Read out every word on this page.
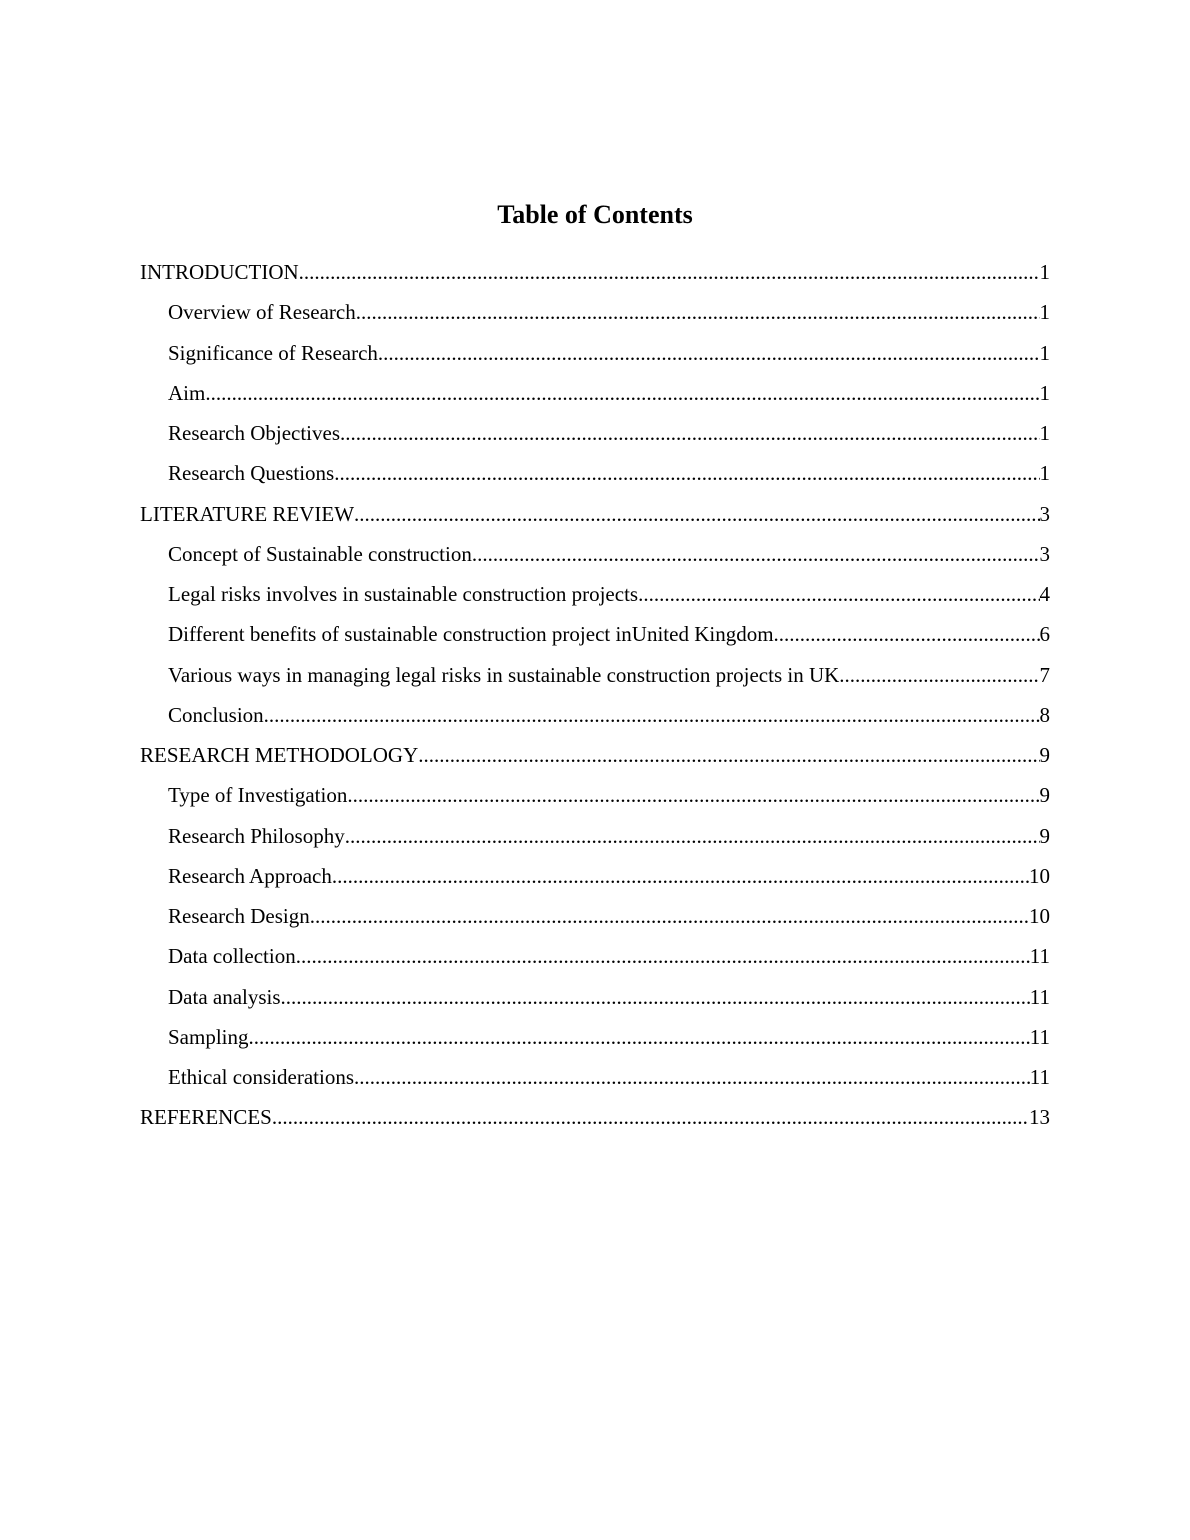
Table of Contents
INTRODUCTION .....	1
Overview of Research .....	1
Significance of Research .....	1
Aim .....	1
Research Objectives .....	1
Research Questions .....	1
LITERATURE REVIEW .....	3
Concept of Sustainable construction .....	3
Legal risks involves in sustainable construction projects .....	4
Different benefits of sustainable construction project inUnited Kingdom .....	6
Various ways in managing legal risks in sustainable construction projects in UK .....	7
Conclusion .....	8
RESEARCH METHODOLOGY .....	9
Type of Investigation .....	9
Research Philosophy .....	9
Research Approach .....	10
Research Design .....	10
Data collection .....	11
Data analysis .....	11
Sampling .....	11
Ethical considerations .....	11
REFERENCES .....	13
